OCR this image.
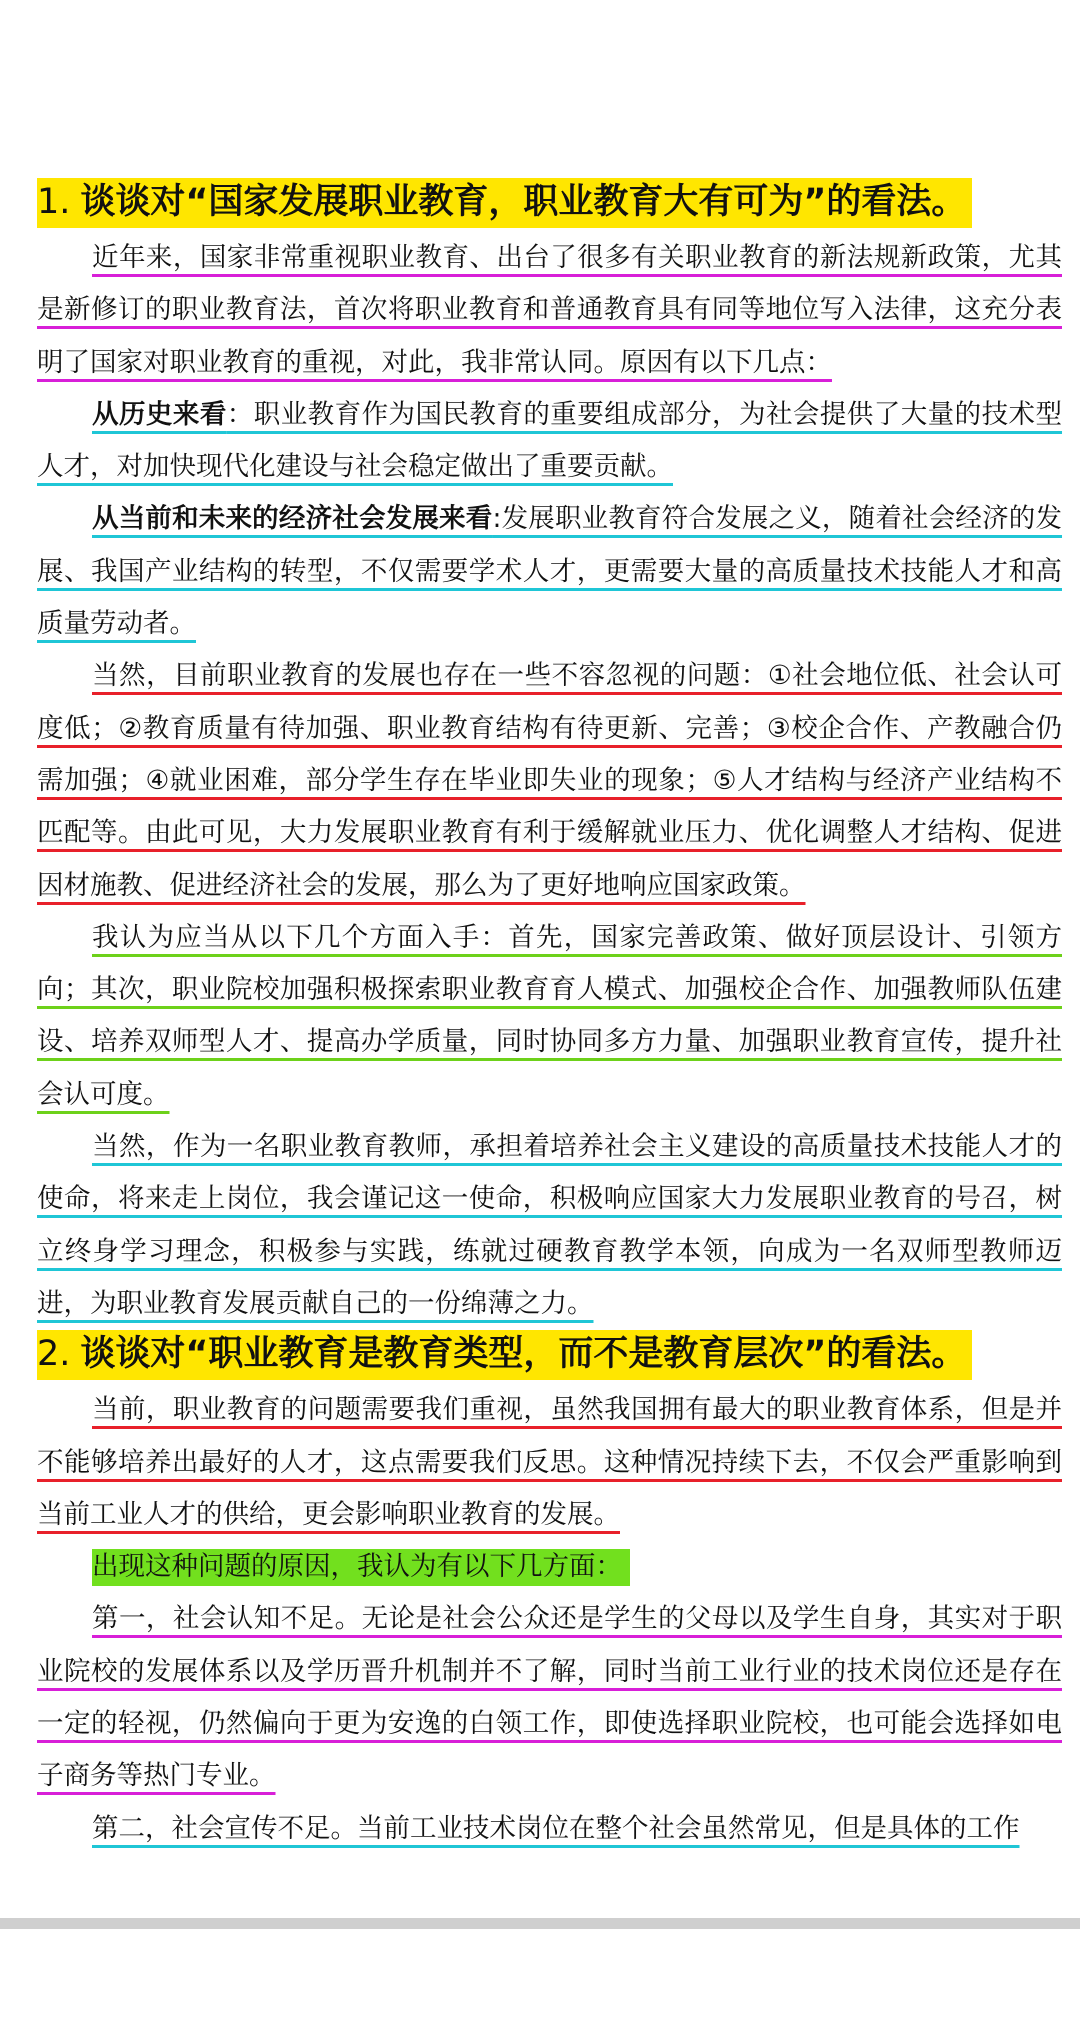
1. 谈谈对“国家发展职业教育，职业教育大有可为”的看法。

近年来，国家非常重视职业教育、出台了很多有关职业教育的新法规新政策，尤其是新修订的职业教育法，首次将职业教育和普通教育具有同等地位写入法律，这充分表明了国家对职业教育的重视，对此，我非常认同。原因有以下几点：

从历史来看：职业教育作为国民教育的重要组成部分，为社会提供了大量的技术型人才，对加快现代化建设与社会稳定做出了重要贡献。

从当前和未来的经济社会发展来看:发展职业教育符合发展之义，随着社会经济的发展、我国产业结构的转型，不仅需要学术人才，更需要大量的高质量技术技能人才和高质量劳动者。

当然，目前职业教育的发展也存在一些不容忽视的问题：①社会地位低、社会认可度低；②教育质量有待加强、职业教育结构有待更新、完善；③校企合作、产教融合仍需加强；④就业困难，部分学生存在毕业即失业的现象；⑤人才结构与经济产业结构不匹配等。由此可见，大力发展职业教育有利于缓解就业压力、优化调整人才结构、促进因材施教、促进经济社会的发展，那么为了更好地响应国家政策。

我认为应当从以下几个方面入手：首先，国家完善政策、做好顶层设计、引领方向；其次，职业院校加强积极探索职业教育育人模式、加强校企合作、加强教师队伍建设、培养双师型人才、提高办学质量，同时协同多方力量、加强职业教育宣传，提升社会认可度。

当然，作为一名职业教育教师，承担着培养社会主义建设的高质量技术技能人才的使命，将来走上岗位，我会谨记这一使命，积极响应国家大力发展职业教育的号召，树立终身学习理念，积极参与实践，练就过硬教育教学本领，向成为一名双师型教师迈进，为职业教育发展贡献自己的一份绵薄之力。

2. 谈谈对“职业教育是教育类型，而不是教育层次”的看法。

当前，职业教育的问题需要我们重视，虽然我国拥有最大的职业教育体系，但是并不能够培养出最好的人才，这点需要我们反思。这种情况持续下去，不仅会严重影响到当前工业人才的供给，更会影响职业教育的发展。

出现这种问题的原因，我认为有以下几方面：

第一，社会认知不足。无论是社会公众还是学生的父母以及学生自身，其实对于职业院校的发展体系以及学历晋升机制并不了解，同时当前工业行业的技术岗位还是存在一定的轻视，仍然偏向于更为安逸的白领工作，即使选择职业院校，也可能会选择如电子商务等热门专业。

第二，社会宣传不足。当前工业技术岗位在整个社会虽然常见，但是具体的工作
